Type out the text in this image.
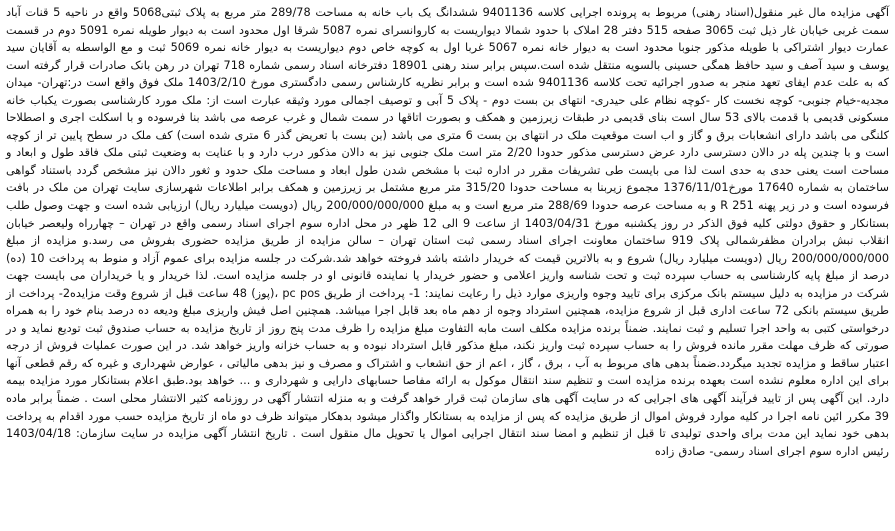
آگهی مزایده مال غیر منقول(اسناد رهنی) مربوط به پرونده اجرایی کلاسه 9401136 ششدانگ یک باب خانه به مساحت 289/78 متر مربع به پلاک ثبتی5068 واقع در ناحیه 5 قنات آباد سمت غربی خیابان غار ذیل ثبت 3065 صفحه 515 دفتر 28 املاک با حدود شمالا دیواریست به کاروانسرای نمره 5087 شرقا اول محدود است به دیوار طویله نمره 5091 دوم در قسمت عمارت دیوار اشتراکی با طویله مذکور جنوبا محدود است به دیوار خانه نمره 5067 غربا اول به کوچه خاص دوم دیواریست به دیوار خانه نمره 5069 ثبت و مع الواسطه به آقایان سید یوسف و سید آصف و سید حافظ همگی حسینی بالسویه منتقل شده است.سپس برابر سند رهنی 18901 دفترخانه اسناد رسمی شماره 718 تهران در رهن بانک صادرات قرار گرفته است که به علت عدم ایفای تعهد منجر به صدور اجرائیه تحت کلاسه 9401136 شده است و برابر نظریه کارشناس رسمی دادگستری مورخ 1403/2/10 ملک فوق واقع است در:تهران- میدان مجدیه-خیام جنوبی- کوچه نخست کار -کوچه نظام علی حیدری- انتهای بن بست دوم - پلاک 5 آبی و توصیف اجمالی مورد وثیقه عبارت است از: ملک مورد کارشناسی بصورت یکباب خانه مسکونی قدیمی با قدمت بالای 53 سال است بنای قدیمی در طبقات زیرزمین و همکف و بصورت اتاقها در سمت شمال و غرب عرصه می باشد بنا فرسوده و با اسکلت اجری و اصطلاحا کلنگی می باشد دارای انشعابات برق و گاز و اب است موقعیت ملک در انتهای بن بست 6 متری می باشد (بن بست با تعریض گذر 6 متری شده است) کف ملک در سطح پایین تر از کوچه است و با چندین پله در دالان دسترسی دارد عرض دسترسی مذکور حدودا 2/20 متر است ملک جنوبی نیز به دالان مذکور درب دارد و با عنایت به وضعیت ثبتی ملک فاقد طول و ابعاد و مساحت است یعنی حدی به حدی است لذا می بایست طی تشریفات مقرر در اداره ثبت با مشخص شدن طول ابعاد و مساحت ملک حدود و ثغور دالان نیز مشخص گردد باستناد گواهی ساختمان به شماره 17640 مورخ1376/11/01 مجموع زیربنا به مساحت حدودا 315/20 متر مربع مشتمل بر زیرزمین و همکف برابر اطلاعات شهرسازی سایت تهران من ملک در بافت فرسوده است و در زیر پهنه 251 R و به مساحت عرصه حدودا 288/69 متر مربع است و به مبلغ 200/000/000/000 ریال (دویست میلیارد ریال) ارزیابی شده است و جهت وصول طلب بستانکار و حقوق دولتی کلیه فوق الذکر در روز یکشنبه مورخ 1403/04/31 از ساعت 9 الی 12 ظهر در محل اداره سوم اجرای اسناد رسمی واقع در تهران – چهارراه ولیعصر خیابان انقلاب نبش برادران مظفرشمالی پلاک 919 ساختمان معاونت اجرای اسناد رسمی ثبت استان تهران – سالن مزایده از طریق مزایده حضوری بفروش می رسد.و مزایده از مبلغ 200/000/000/000 ریال (دویست میلیارد ریال) شروع و به بالاترین قیمت که خریدار داشته باشد فروخته خواهد شد.شرکت در جلسه مزایده برای عموم آزاد و منوط به پرداخت 10 (ده) درصد از مبلغ پایه کارشناسی به حساب سپرده ثبت و تحت شناسه واریز اعلامی و حضور خریدار یا نماینده قانونی او در جلسه مزایده است. لذا خریدار و یا خریداران می بایست جهت شرکت در مزایده به دلیل سیستم بانک مرکزی برای تایید وجوه واریزی موارد ذیل را رعایت نمایند: 1- پرداخت از طریق pc pos ،(پوز) 48 ساعت قبل از شروع وقت مزایده2- پرداخت از طریق سیستم بانکی 72 ساعت اداری قبل از شروع مزایده، همچنین استرداد وجوه از دهم ماه بعد قابل اجرا میباشد. همچنین اصل فیش واریزی مبلغ ودیعه ده درصد بنام خود را به همراه درخواستی کتبی به واحد اجرا تسلیم و ثبت نمایند. ضمناً برنده مزایده مکلف است مابه التفاوت مبلغ مزایده را ظرف مدت پنج روز از تاریخ مزایده به حساب صندوق ثبت تودیع نماید و در صورتی که ظرف مهلت مقرر مانده فروش را به حساب سپرده ثبت واریز نکند، مبلغ مذکور قابل استرداد نبوده و به حساب خزانه واریز خواهد شد. در این صورت عملیات فروش از درجه اعتبار ساقط و مزایده تجدید میگردد.ضمناً بدهی های مربوط به آب ، برق ، گاز ، اعم از حق انشعاب و اشتراک و مصرف و نیز بدهی مالیاتی ، عوارض شهرداری و غیره که رقم قطعی آنها برای این اداره معلوم نشده است بعهده برنده مزایده است و تنظیم سند انتقال موکول به ارائه مفاصا حسابهای دارایی و شهرداری و ... خواهد بود.طبق اعلام بستانکار مورد مزایده بیمه دارد. این آگهی پس از تایید فرآیند آگهی های اجرایی که در سایت آگهی های سازمان ثبت قرار خواهد گرفت و به منزله انتشار آگهی در روزنامه کثیر الانتشار محلی است . ضمناً برابر ماده 39 مکرر ائین نامه اجرا در کلیه موارد فروش اموال از طریق مزایده که پس از مزایده به بستانکار واگذار میشود بدهکار میتواند ظرف دو ماه از تاریخ مزایده حسب مورد اقدام به پرداخت بدهی خود نماید این مدت برای واحدی تولیدی تا قبل از تنظیم و امضا سند انتقال اجرایی اموال یا تحویل مال منقول است . تاریخ انتشار آگهی مزایده در سایت سازمان: 1403/04/18 رئیس اداره سوم اجرای اسناد رسمی- صادق زاده
